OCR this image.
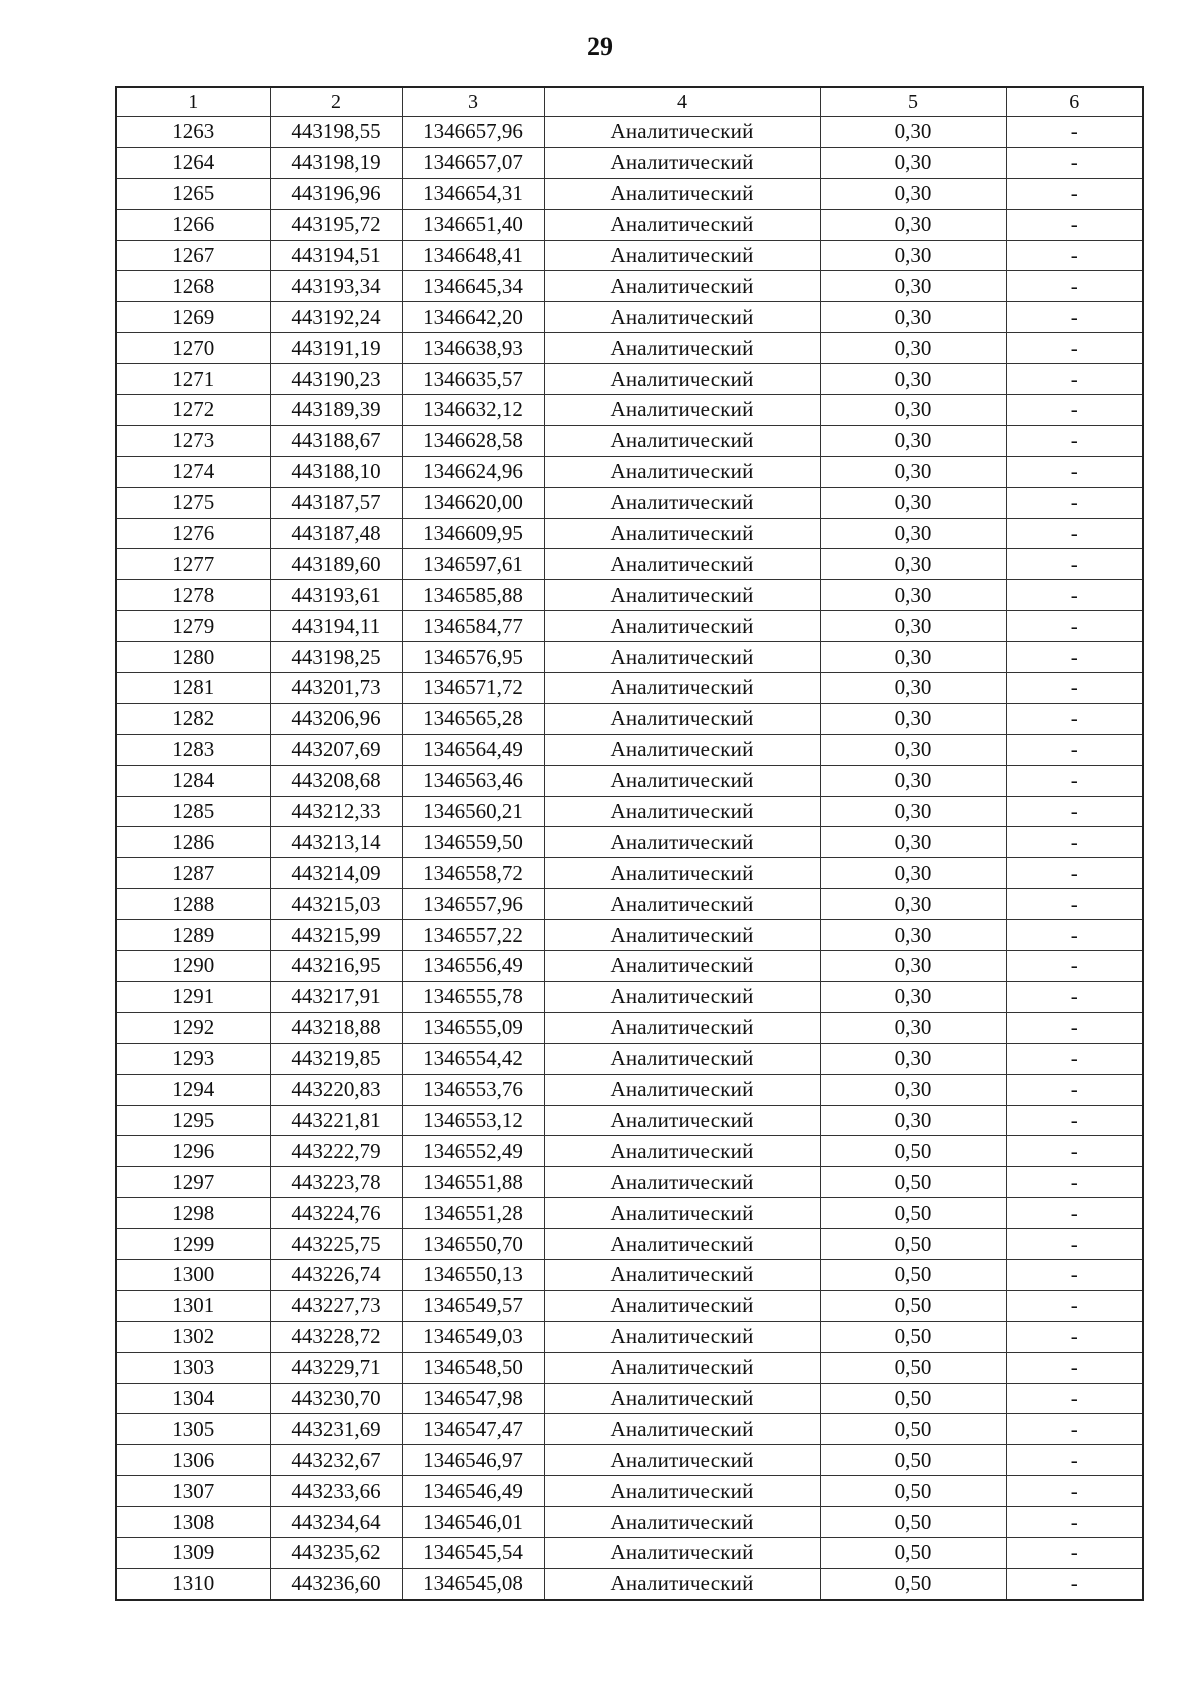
29
1	2	3	4	5	6
1263	443198,55	1346657,96	Аналитический	0,30	-
1264	443198,19	1346657,07	Аналитический	0,30	-
1265	443196,96	1346654,31	Аналитический	0,30	-
1266	443195,72	1346651,40	Аналитический	0,30	-
1267	443194,51	1346648,41	Аналитический	0,30	-
1268	443193,34	1346645,34	Аналитический	0,30	-
1269	443192,24	1346642,20	Аналитический	0,30	-
1270	443191,19	1346638,93	Аналитический	0,30	-
1271	443190,23	1346635,57	Аналитический	0,30	-
1272	443189,39	1346632,12	Аналитический	0,30	-
1273	443188,67	1346628,58	Аналитический	0,30	-
1274	443188,10	1346624,96	Аналитический	0,30	-
1275	443187,57	1346620,00	Аналитический	0,30	-
1276	443187,48	1346609,95	Аналитический	0,30	-
1277	443189,60	1346597,61	Аналитический	0,30	-
1278	443193,61	1346585,88	Аналитический	0,30	-
1279	443194,11	1346584,77	Аналитический	0,30	-
1280	443198,25	1346576,95	Аналитический	0,30	-
1281	443201,73	1346571,72	Аналитический	0,30	-
1282	443206,96	1346565,28	Аналитический	0,30	-
1283	443207,69	1346564,49	Аналитический	0,30	-
1284	443208,68	1346563,46	Аналитический	0,30	-
1285	443212,33	1346560,21	Аналитический	0,30	-
1286	443213,14	1346559,50	Аналитический	0,30	-
1287	443214,09	1346558,72	Аналитический	0,30	-
1288	443215,03	1346557,96	Аналитический	0,30	-
1289	443215,99	1346557,22	Аналитический	0,30	-
1290	443216,95	1346556,49	Аналитический	0,30	-
1291	443217,91	1346555,78	Аналитический	0,30	-
1292	443218,88	1346555,09	Аналитический	0,30	-
1293	443219,85	1346554,42	Аналитический	0,30	-
1294	443220,83	1346553,76	Аналитический	0,30	-
1295	443221,81	1346553,12	Аналитический	0,30	-
1296	443222,79	1346552,49	Аналитический	0,50	-
1297	443223,78	1346551,88	Аналитический	0,50	-
1298	443224,76	1346551,28	Аналитический	0,50	-
1299	443225,75	1346550,70	Аналитический	0,50	-
1300	443226,74	1346550,13	Аналитический	0,50	-
1301	443227,73	1346549,57	Аналитический	0,50	-
1302	443228,72	1346549,03	Аналитический	0,50	-
1303	443229,71	1346548,50	Аналитический	0,50	-
1304	443230,70	1346547,98	Аналитический	0,50	-
1305	443231,69	1346547,47	Аналитический	0,50	-
1306	443232,67	1346546,97	Аналитический	0,50	-
1307	443233,66	1346546,49	Аналитический	0,50	-
1308	443234,64	1346546,01	Аналитический	0,50	-
1309	443235,62	1346545,54	Аналитический	0,50	-
1310	443236,60	1346545,08	Аналитический	0,50	-
